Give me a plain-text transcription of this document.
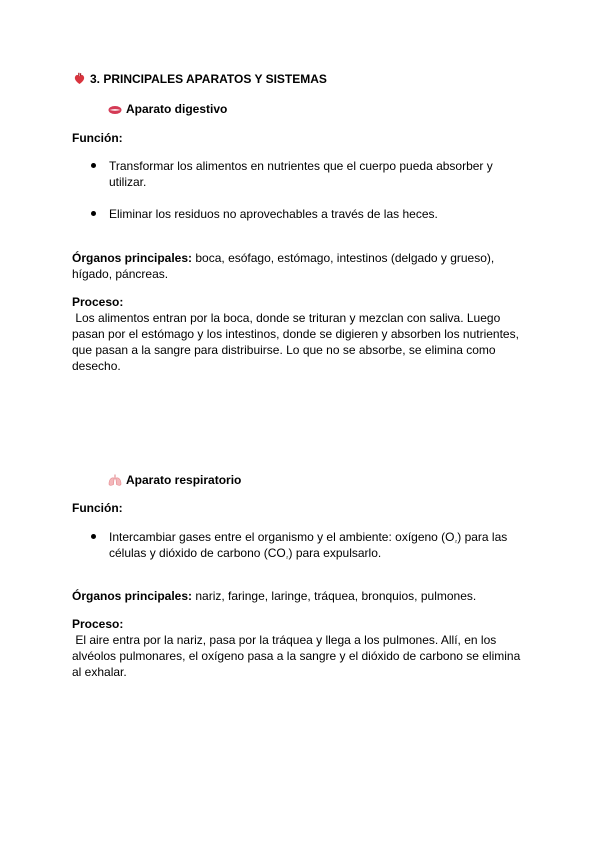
3. PRINCIPALES APARATOS Y SISTEMAS
Aparato digestivo
Función:
Transformar los alimentos en nutrientes que el cuerpo pueda absorber y
utilizar.
Eliminar los residuos no aprovechables a través de las heces.
Órganos principales: boca, esófago, estómago, intestinos (delgado y grueso),
hígado, páncreas.
Proceso:
Los alimentos entran por la boca, donde se trituran y mezclan con saliva. Luego
pasan por el estómago y los intestinos, donde se digieren y absorben los nutrientes,
que pasan a la sangre para distribuirse. Lo que no se absorbe, se elimina como
desecho.
Aparato respiratorio
Función:
Intercambiar gases entre el organismo y el ambiente: oxígeno $(O_{_2})$ para las
células y dióxido de carbono $(CO_{_2})$ para expulsarlo.
Órganos principales: nariz, faringe, laringe, tráquea, bronquios, pulmones.
Proceso:
El aire entra por la nariz, pasa por la tráquea y llega a los pulmones. Allí, en los
alvéolos pulmonares, el oxígeno pasa a la sangre y el dióxido de carbono se elimina
al exhalar.
